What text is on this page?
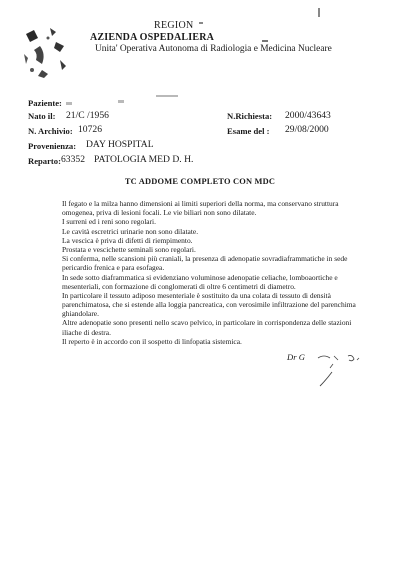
REGION
AZIENDA OSPEDALIERA
Unita' Operativa Autonoma di Radiologia e Medicina Nucleare
Paziente:
Nato il: 21/C /1956	N.Richiesta: 2000/43643
N. Archivio: 10726	Esame del : 29/08/2000
Provenienza: DAY HOSPITAL
Reparto: 63352 PATOLOGIA MED D. H.
TC ADDOME COMPLETO CON MDC
Il fegato e la milza hanno dimensioni ai limiti superiori della norma, ma conservano struttura
omogenea, priva di lesioni focali. Le vie biliari non sono dilatate.
I surreni ed i reni sono regolari.
Le cavità escretrici urinarie non sono dilatate.
La vescica è priva di difetti di riempimento.
Prostata e vescichette seminali sono regolari.
Si conferma, nelle scansioni più craniali, la presenza di adenopatie sovradiaframmatiche in sede
pericardio frenica e para esofagea.
In sede sotto diaframmatica si evidenziano voluminose adenopatie celiache, lomboaortiche e
mesenteriali, con formazione di conglomerati di oltre 6 centimetri di diametro.
In particolare il tessuto adiposo mesenteriale è sostituito da una colata di tessuto di densità
parenchimatosa, che si estende alla loggia pancreatica, con verosimile infiltrazione del parenchima
ghiandolare.
Altre adenopatie sono presenti nello scavo pelvico, in particolare in corrispondenza delle stazioni
iliache di destra.
Il reperto è in accordo con il sospetto di linfopatia sistemica.
Dr G
